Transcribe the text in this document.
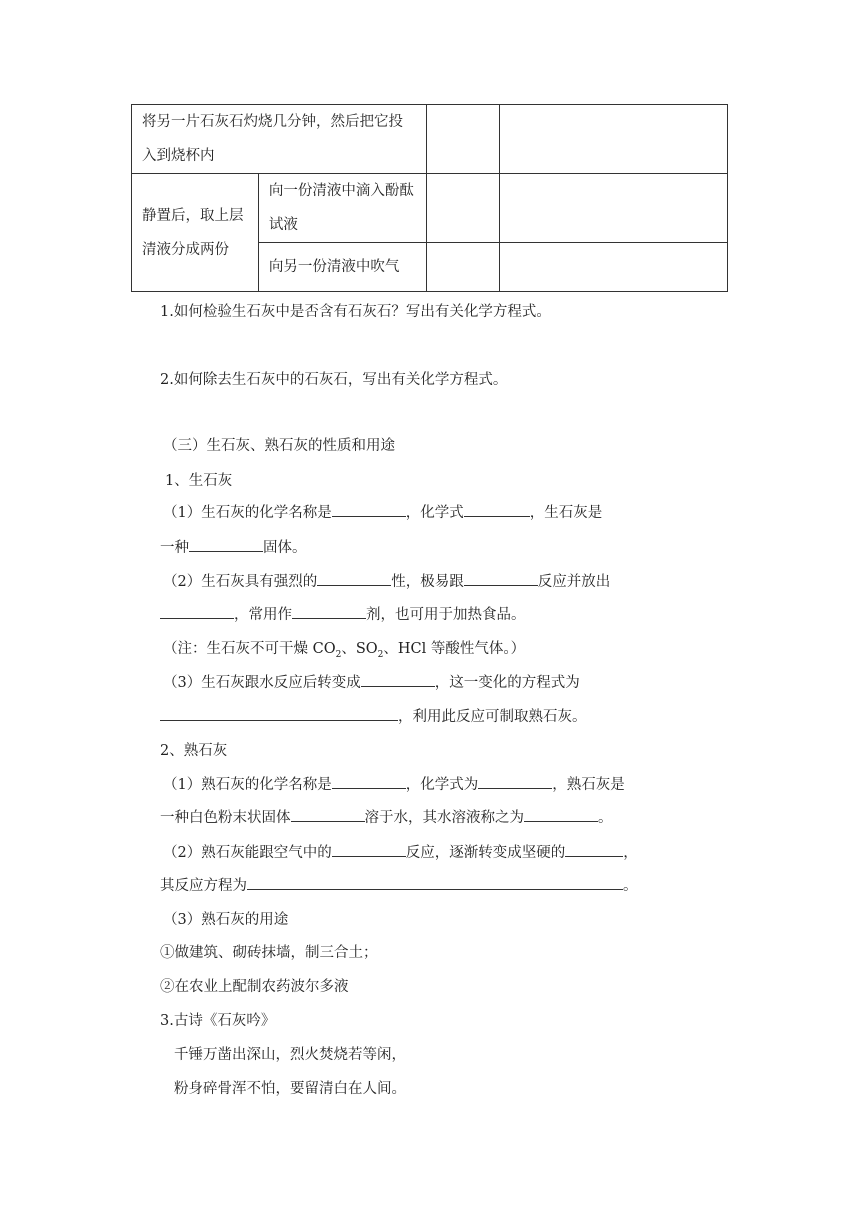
将另一片石灰石灼烧几分钟，然后把它投入到烧杯内			
静置后，取上层清液分成两份	向一份清液中滴入酚酞试液		
	向另一份清液中吹气		
1.如何检验生石灰中是否含有石灰石？写出有关化学方程式。
2.如何除去生石灰中的石灰石，写出有关化学方程式。
（三）生石灰、熟石灰的性质和用途
1、生石灰
（1）生石灰的化学名称是	，化学式	，生石灰是
一种	固体。
（2）生石灰具有强烈的	性，极易跟	反应并放出
，常用作	剂，也可用于加热食品。
（注：生石灰不可干燥 $CO_2$、$SO_2$、HCl 等酸性气体。）
（3）生石灰跟水反应后转变成	，这一变化的方程式为
，利用此反应可制取熟石灰。
2、熟石灰
（1）熟石灰的化学名称是	，化学式为	，熟石灰是
一种白色粉末状固体	溶于水，其水溶液称之为	。
（2）熟石灰能跟空气中的	反应，逐渐转变成坚硬的	，
其反应方程为	。
（3）熟石灰的用途
①做建筑、砌砖抹墙，制三合土；
②在农业上配制农药波尔多液
3.古诗《石灰吟》
千锤万凿出深山，烈火焚烧若等闲，
粉身碎骨浑不怕，要留清白在人间。
